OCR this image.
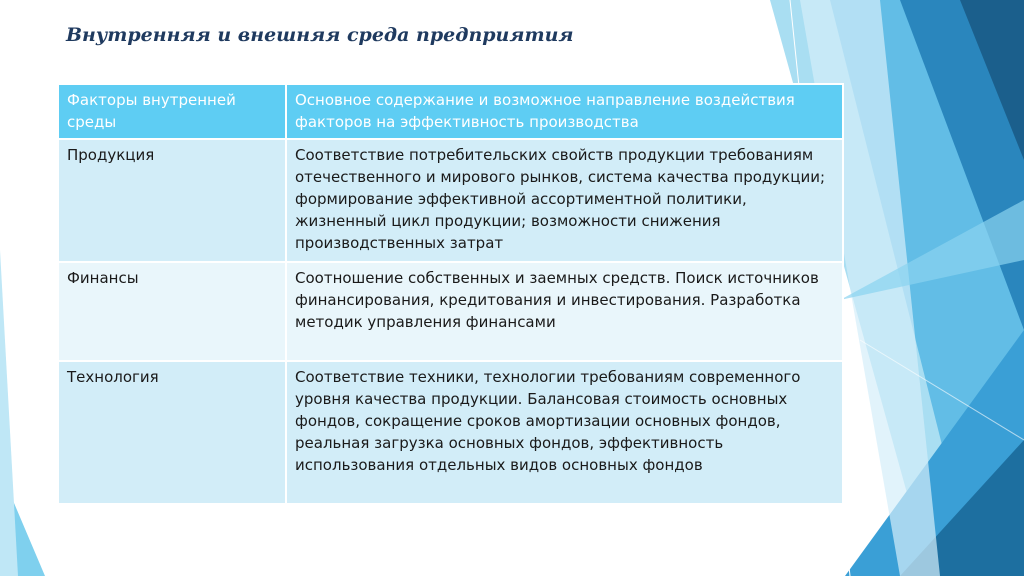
Внутренняя и внешняя среда предприятия
Факторы внутренней среды	Основное содержание и возможное направление воздействия факторов на эффективность производства
Продукция	Соответствие потребительских свойств продукции требованиям отечественного и мирового рынков, система качества продукции; формирование эффективной ассортиментной политики, жизненный цикл продукции; возможности снижения производственных затрат
Финансы	Соотношение собственных и заемных средств. Поиск источников финансирования, кредитования и инвестирования. Разработка методик управления финансами
Технология	Соответствие техники, технологии требованиям современного уровня качества продукции. Балансовая стоимость основных фондов, сокращение сроков амортизации основных фондов, реальная загрузка основных фондов, эффективность использования отдельных видов основных фондов
